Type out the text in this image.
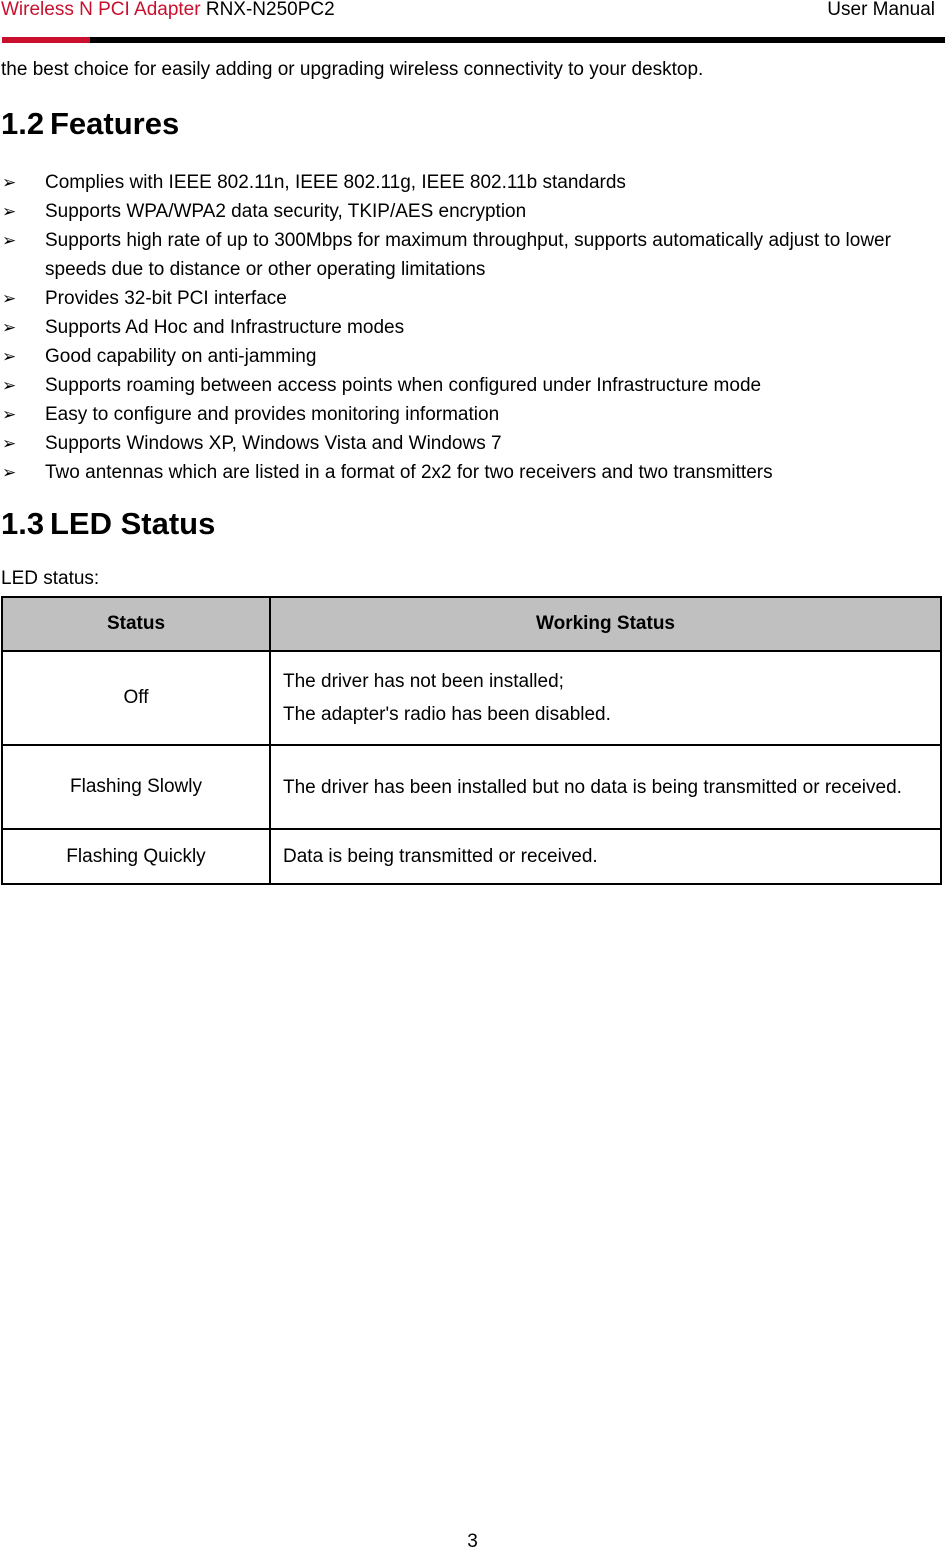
Wireless N PCI Adapter RNX-N250PC2	User Manual
the best choice for easily adding or upgrading wireless connectivity to your desktop.
1.2 Features
➢	Complies with IEEE 802.11n, IEEE 802.11g, IEEE 802.11b standards
➢	Supports WPA/WPA2 data security, TKIP/AES encryption
➢	Supports high rate of up to 300Mbps for maximum throughput, supports automatically adjust to lower speeds due to distance or other operating limitations
➢	Provides 32-bit PCI interface
➢	Supports Ad Hoc and Infrastructure modes
➢	Good capability on anti-jamming
➢	Supports roaming between access points when configured under Infrastructure mode
➢	Easy to configure and provides monitoring information
➢	Supports Windows XP, Windows Vista and Windows 7
➢	Two antennas which are listed in a format of 2x2 for two receivers and two transmitters
1.3 LED Status
LED status:
Status	Working Status
Off	The driver has not been installed;

The adapter's radio has been disabled.

Flashing Slowly	The driver has been installed but no data is being transmitted or received.

Flashing Quickly	Data is being transmitted or received.

3
